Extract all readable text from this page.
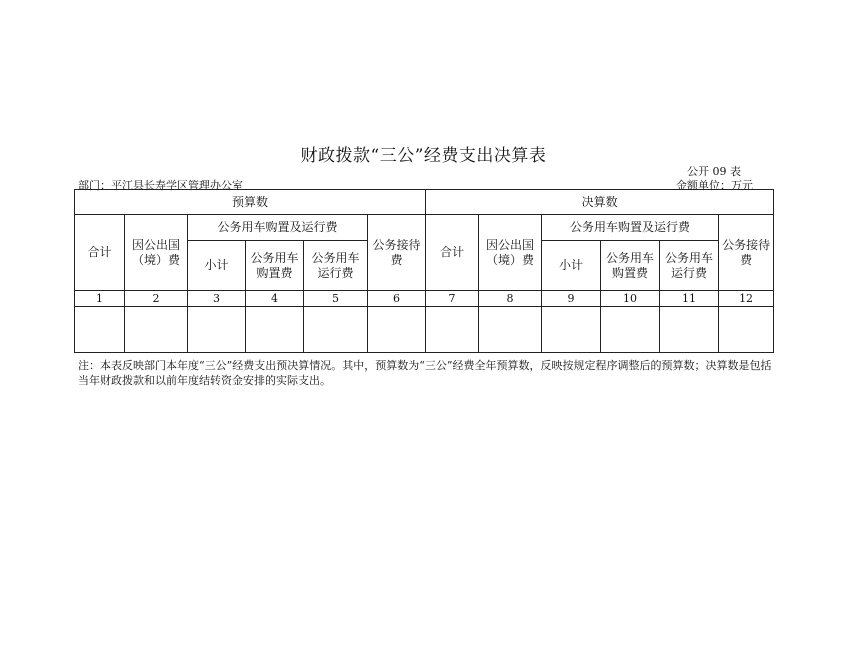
财政拨款“三公”经费支出决算表
公开 09 表
部门：平江县长寿学区管理办公室	金额单位：万元
预算数						决算数					
合计	因公出国（境）费	公务用车购置及运行费			公务接待费	合计	因公出国（境）费	公务用车购置及运行费			公务接待费
		小计	公务用车购置费	公务用车运行费				小计	公务用车购置费	公务用车运行费	
1	2	3	4	5	6	7	8	9	10	11	12

注：本表反映部门本年度“三公”经费支出预决算情况。其中，预算数为“三公”经费全年预算数，反映按规定程序调整后的预算数；决算数是包括当年财政拨款和以前年度结转资金安排的实际支出。
